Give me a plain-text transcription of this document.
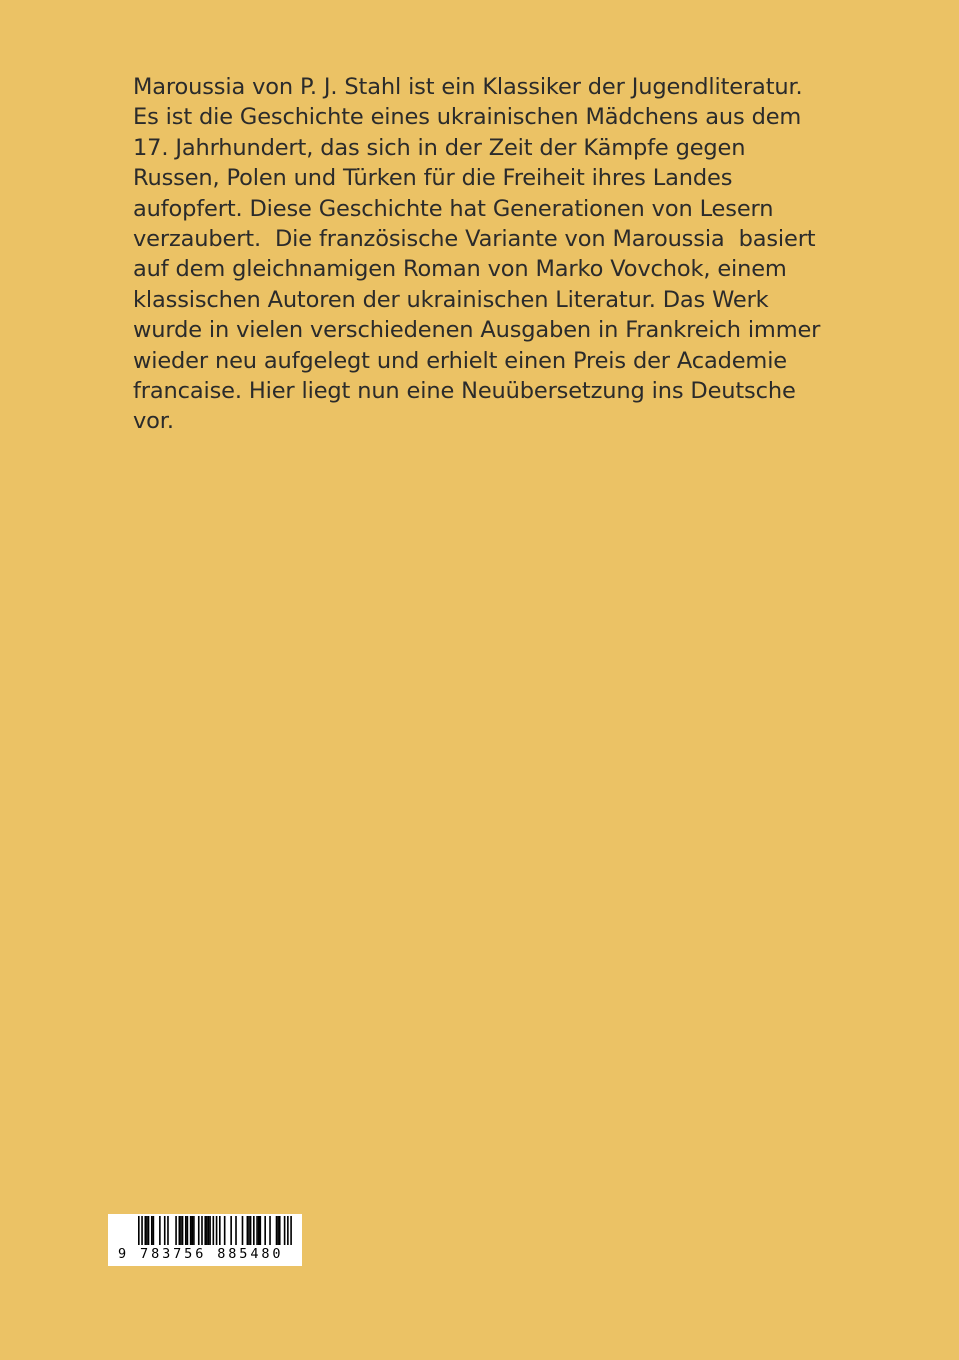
Maroussia von P. J. Stahl ist ein Klassiker der Jugendliteratur.
Es ist die Geschichte eines ukrainischen Mädchens aus dem
17. Jahrhundert, das sich in der Zeit der Kämpfe gegen
Russen, Polen und Türken für die Freiheit ihres Landes
aufopfert. Diese Geschichte hat Generationen von Lesern
verzaubert.  Die französische Variante von Maroussia  basiert
auf dem gleichnamigen Roman von Marko Vovchok, einem
klassischen Autoren der ukrainischen Literatur. Das Werk
wurde in vielen verschiedenen Ausgaben in Frankreich immer
wieder neu aufgelegt und erhielt einen Preis der Academie
francaise. Hier liegt nun eine Neuübersetzung ins Deutsche
vor.
9 783756 885480
